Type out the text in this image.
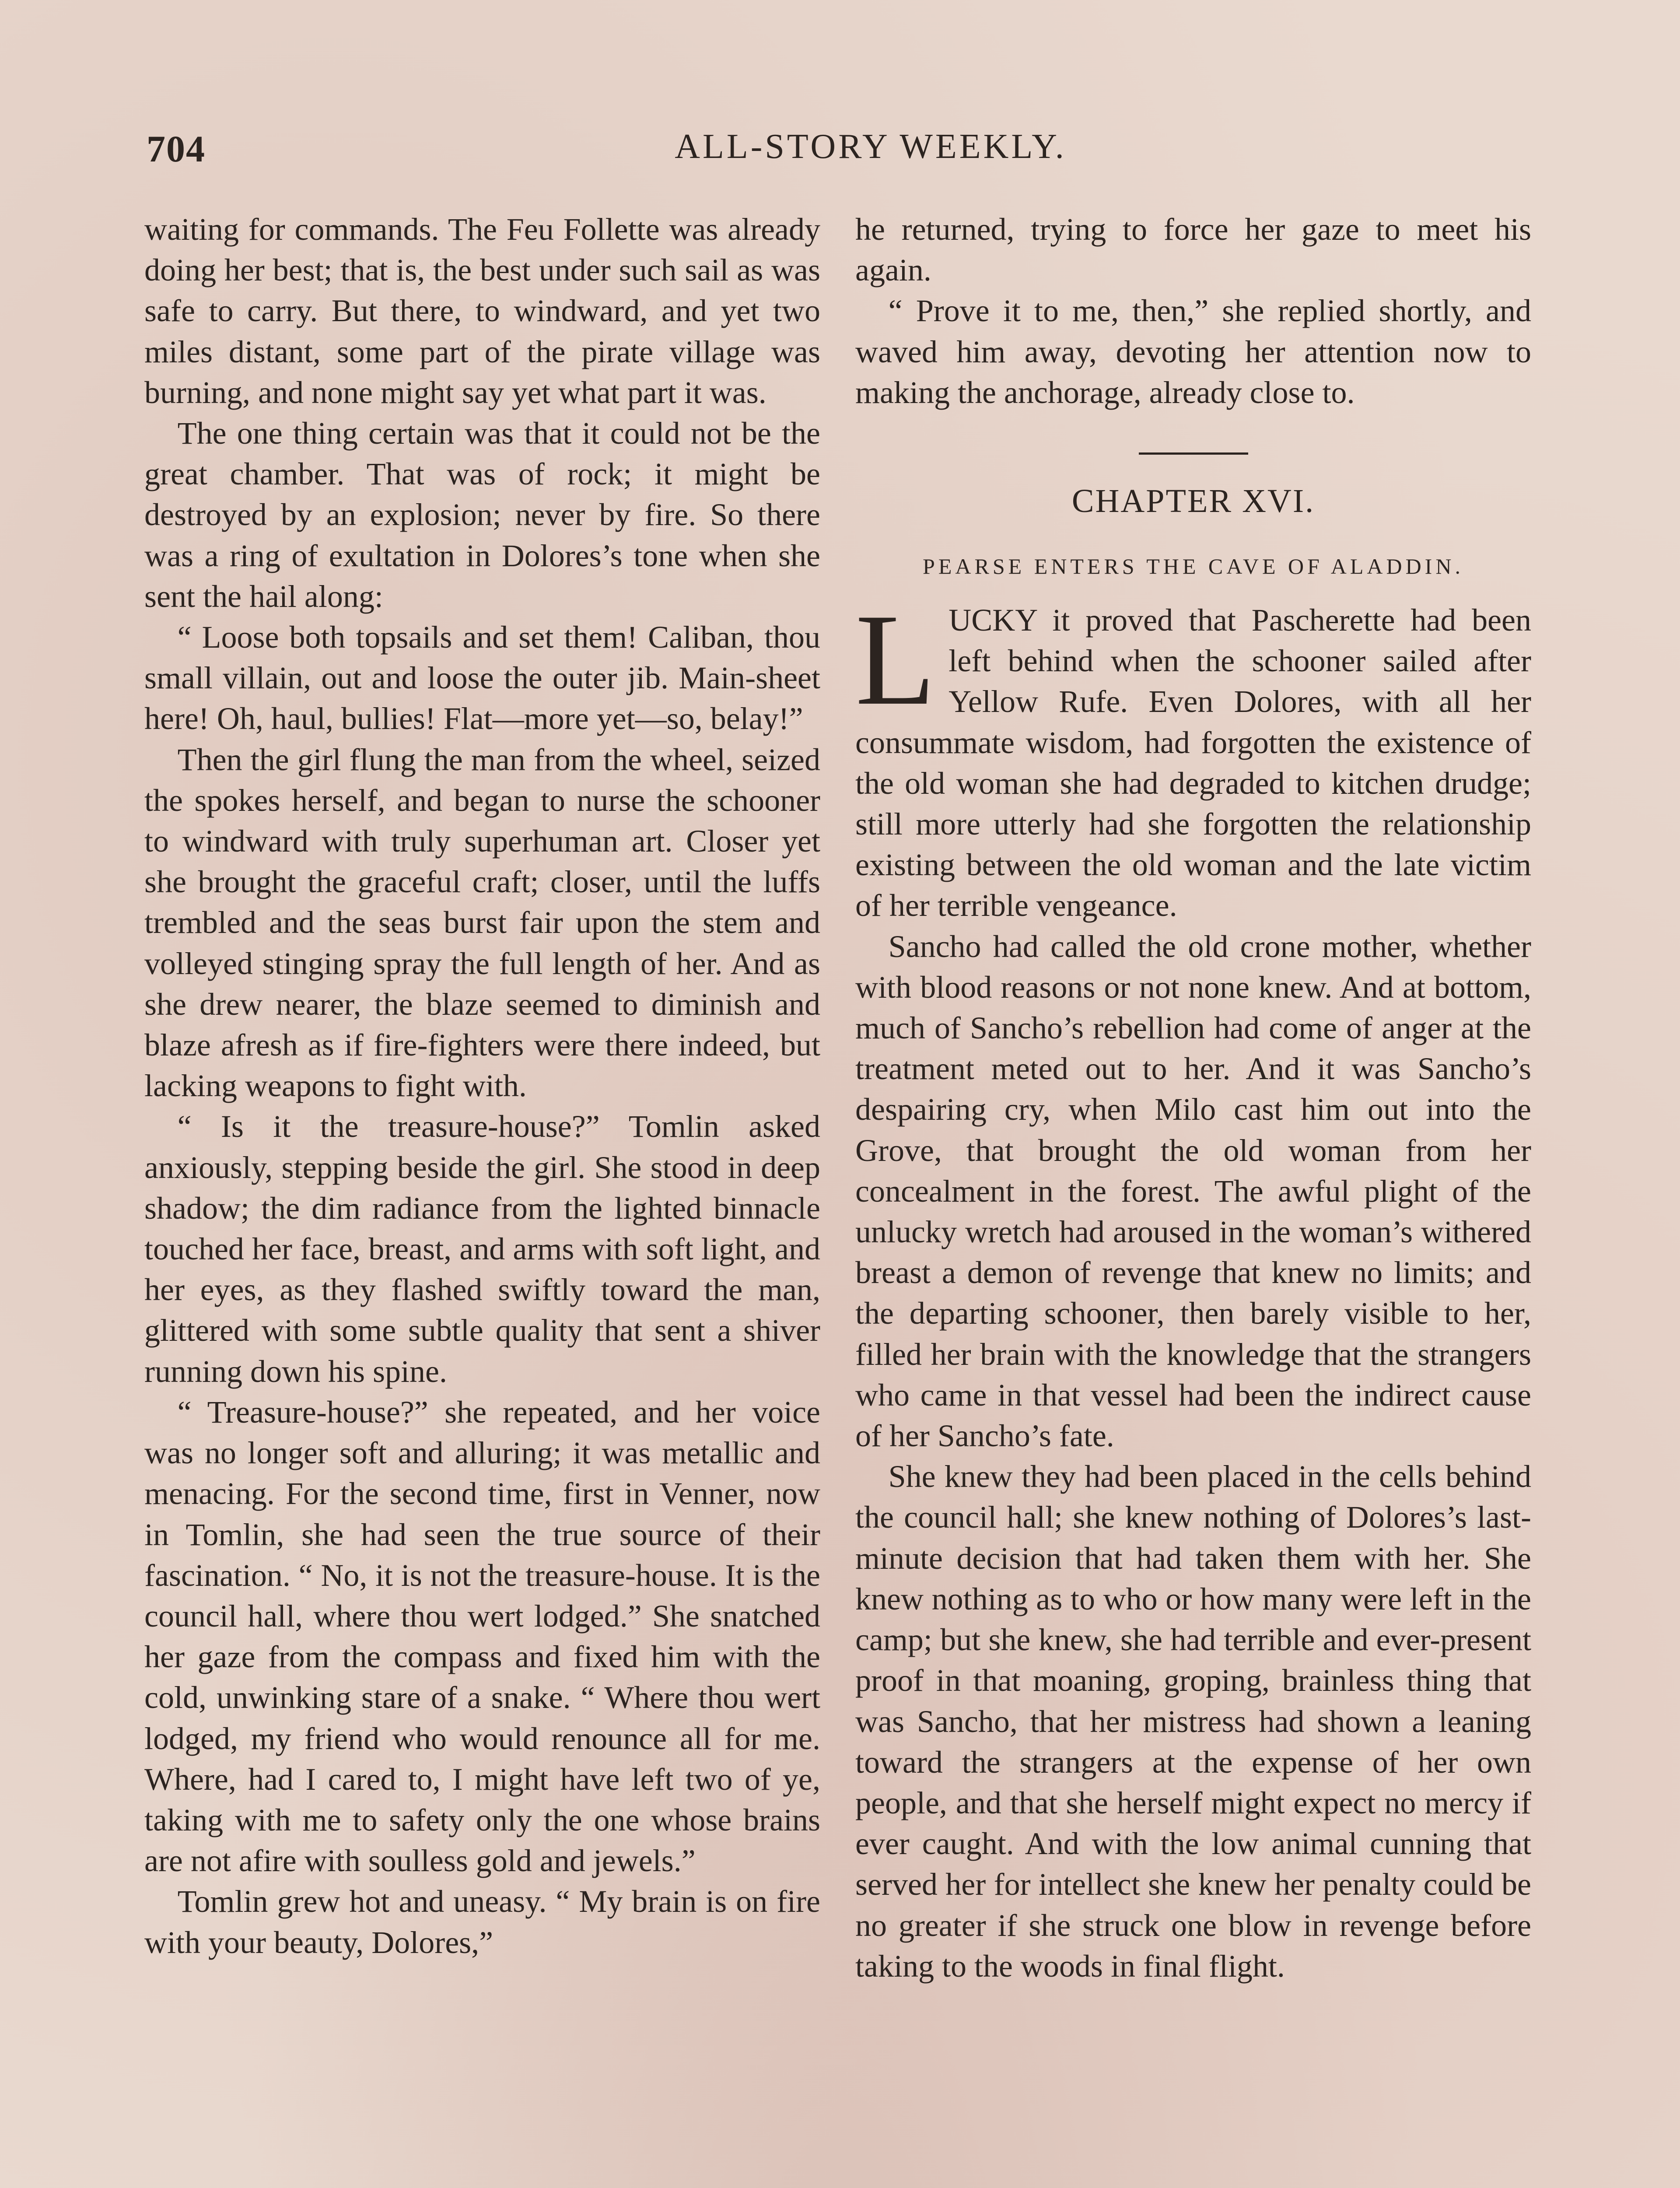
704	ALL-STORY WEEKLY.

waiting for commands. The Feu Follette was already doing her best; that is, the best under such sail as was safe to carry. But there, to windward, and yet two miles distant, some part of the pirate village was burning, and none might say yet what part it was.

The one thing certain was that it could not be the great chamber. That was of rock; it might be destroyed by an explosion; never by fire. So there was a ring of exultation in Dolores’s tone when she sent the hail along:

“ Loose both topsails and set them! Caliban, thou small villain, out and loose the outer jib. Main-sheet here! Oh, haul, bullies! Flat—more yet—so, belay!”

Then the girl flung the man from the wheel, seized the spokes herself, and began to nurse the schooner to windward with truly superhuman art. Closer yet she brought the graceful craft; closer, until the luffs trembled and the seas burst fair upon the stem and volleyed stinging spray the full length of her. And as she drew nearer, the blaze seemed to diminish and blaze afresh as if fire-fighters were there indeed, but lacking weapons to fight with.

“ Is it the treasure-house?” Tomlin asked anxiously, stepping beside the girl. She stood in deep shadow; the dim radiance from the lighted binnacle touched her face, breast, and arms with soft light, and her eyes, as they flashed swiftly toward the man, glittered with some subtle quality that sent a shiver running down his spine.

“ Treasure-house?” she repeated, and her voice was no longer soft and alluring; it was metallic and menacing. For the second time, first in Venner, now in Tomlin, she had seen the true source of their fascination. “ No, it is not the treasure-house. It is the council hall, where thou wert lodged.” She snatched her gaze from the compass and fixed him with the cold, unwinking stare of a snake. “ Where thou wert lodged, my friend who would renounce all for me. Where, had I cared to, I might have left two of ye, taking with me to safety only the one whose brains are not afire with soulless gold and jewels.”

Tomlin grew hot and uneasy. “ My brain is on fire with your beauty, Dolores,”

he returned, trying to force her gaze to meet his again.

“ Prove it to me, then,” she replied shortly, and waved him away, devoting her attention now to making the anchorage, already close to.

CHAPTER XVI.
PEARSE ENTERS THE CAVE OF ALADDIN.

LUCKY it proved that Pascherette had been left behind when the schooner sailed after Yellow Rufe. Even Dolores, with all her consummate wisdom, had forgotten the existence of the old woman she had degraded to kitchen drudge; still more utterly had she forgotten the relationship existing between the old woman and the late victim of her terrible vengeance.

Sancho had called the old crone mother, whether with blood reasons or not none knew. And at bottom, much of Sancho’s rebellion had come of anger at the treatment meted out to her. And it was Sancho’s despairing cry, when Milo cast him out into the Grove, that brought the old woman from her concealment in the forest. The awful plight of the unlucky wretch had aroused in the woman’s withered breast a demon of revenge that knew no limits; and the departing schooner, then barely visible to her, filled her brain with the knowledge that the strangers who came in that vessel had been the indirect cause of her Sancho’s fate.

She knew they had been placed in the cells behind the council hall; she knew nothing of Dolores’s last-minute decision that had taken them with her. She knew nothing as to who or how many were left in the camp; but she knew, she had terrible and ever-present proof in that moaning, groping, brainless thing that was Sancho, that her mistress had shown a leaning toward the strangers at the expense of her own people, and that she herself might expect no mercy if ever caught. And with the low animal cunning that served her for intellect she knew her penalty could be no greater if she struck one blow in revenge before taking to the woods in final flight.
